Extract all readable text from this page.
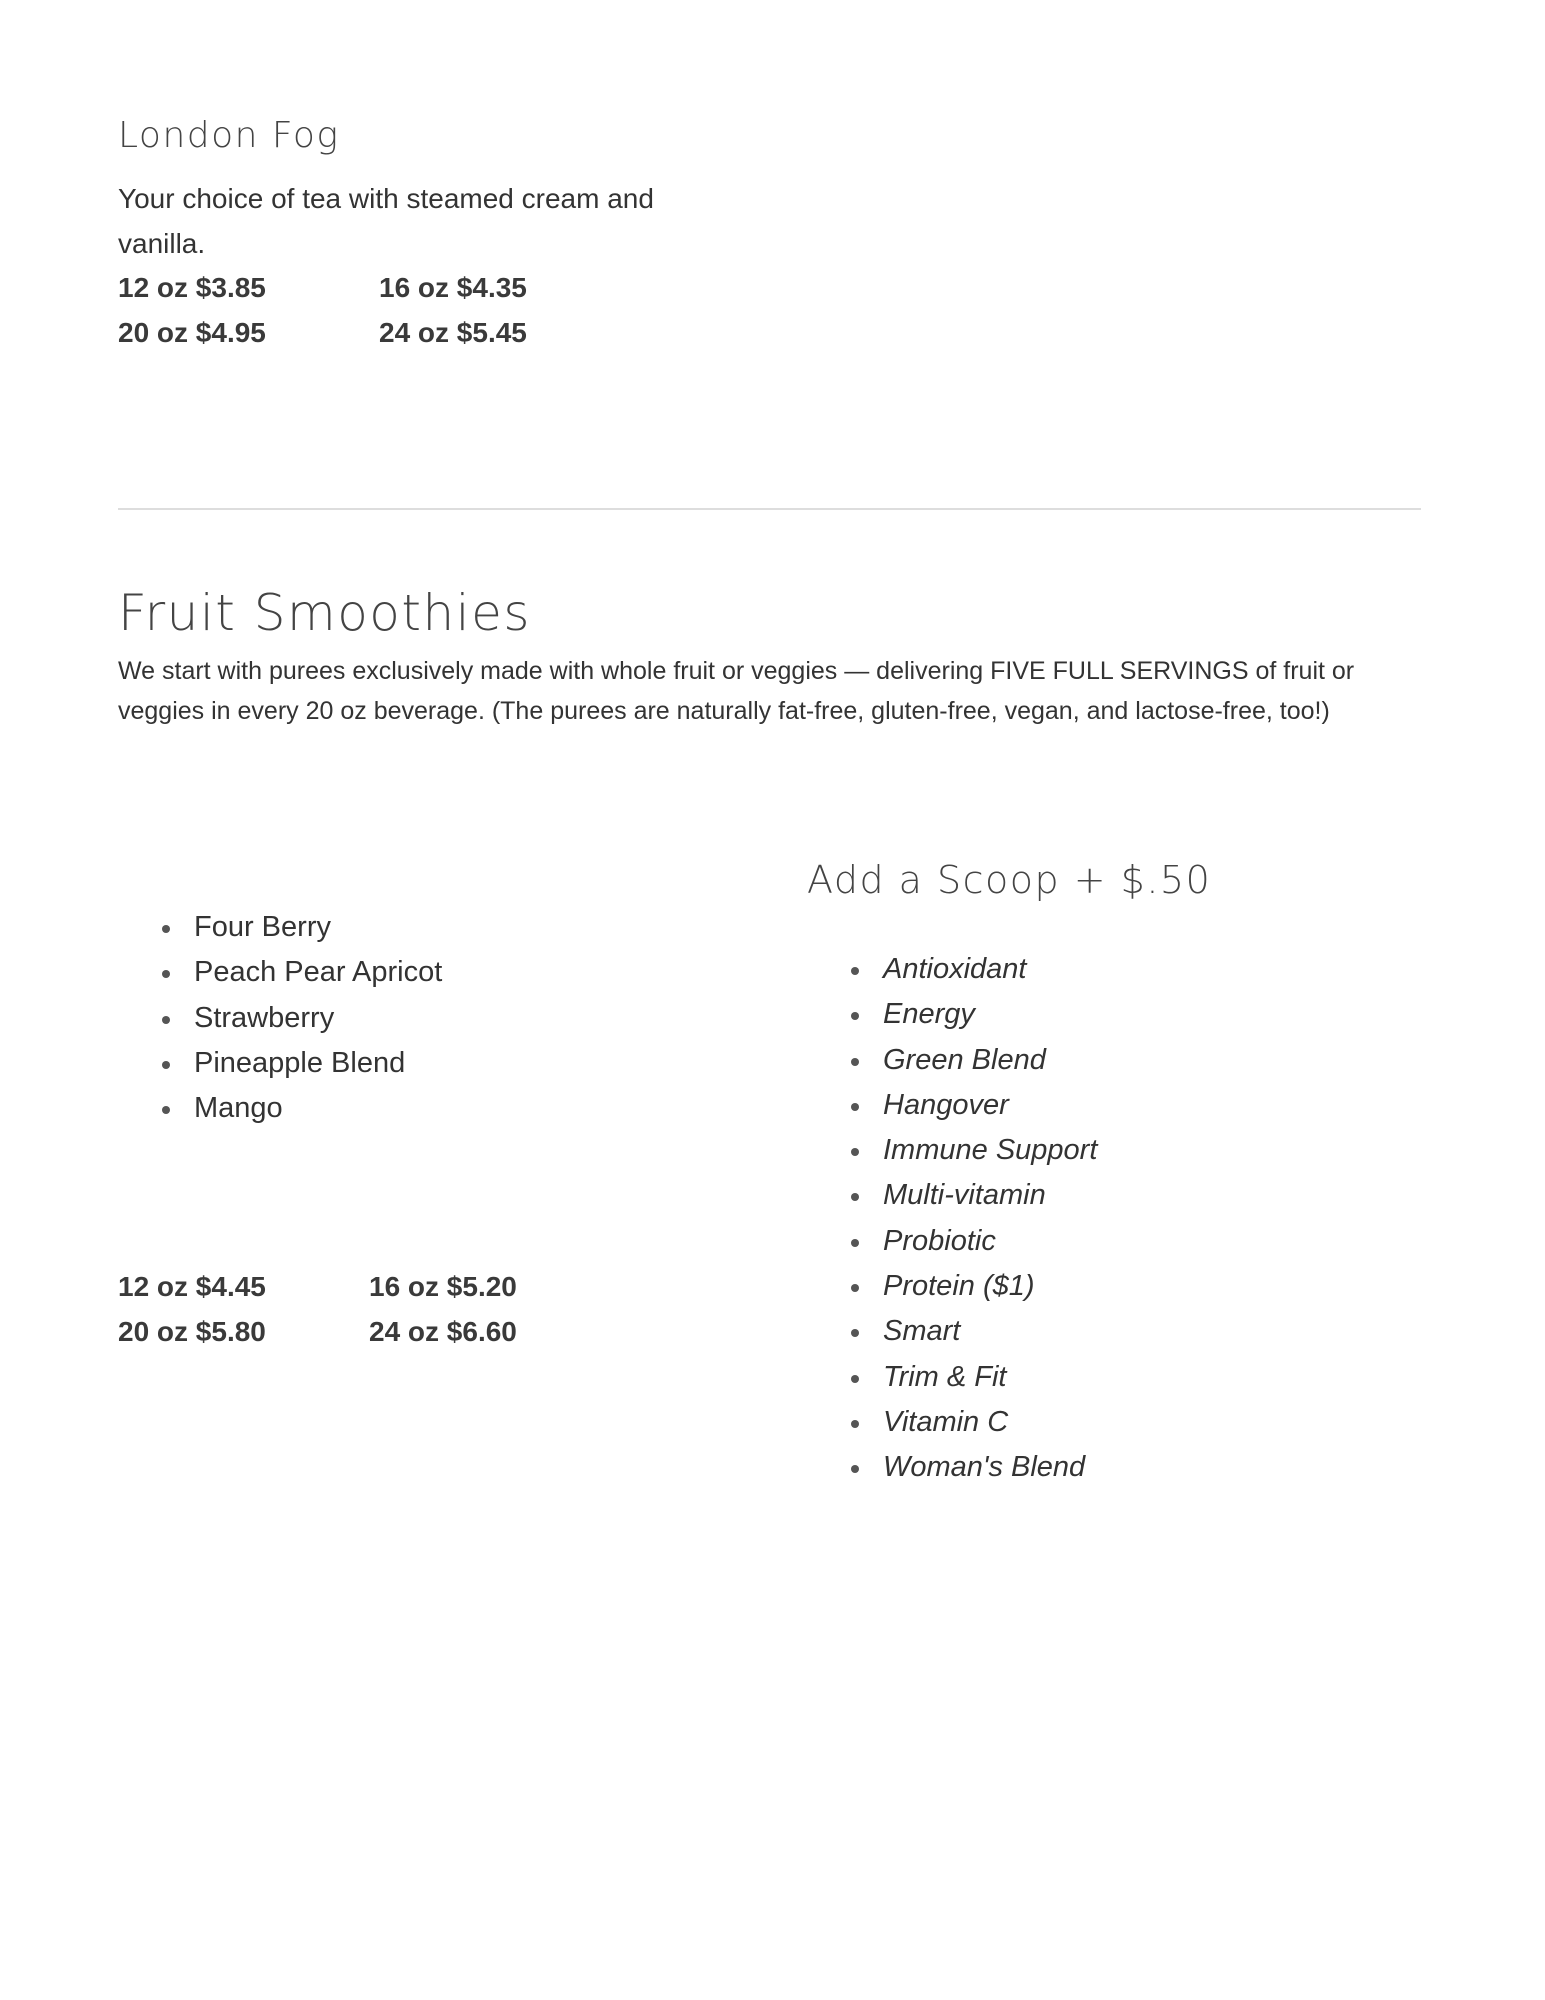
London Fog

Your choice of tea with steamed cream and vanilla.

12 oz $3.85	16 oz $4.35
20 oz $4.95	24 oz $5.45
Fruit Smoothies

We start with purees exclusively made with whole fruit or veggies — delivering FIVE FULL SERVINGS of fruit or veggies in every 20 oz beverage. (The purees are naturally fat-free, gluten-free, vegan, and lactose-free, too!)

Four Berry
Peach Pear Apricot
Strawberry
Pineapple Blend
Mango
12 oz $4.45	16 oz $5.20
20 oz $5.80	24 oz $6.60
Add a Scoop + $.50
Antioxidant
Energy
Green Blend
Hangover
Immune Support
Multi-vitamin
Probiotic
Protein ($1)
Smart
Trim & Fit
Vitamin C
Woman's Blend
